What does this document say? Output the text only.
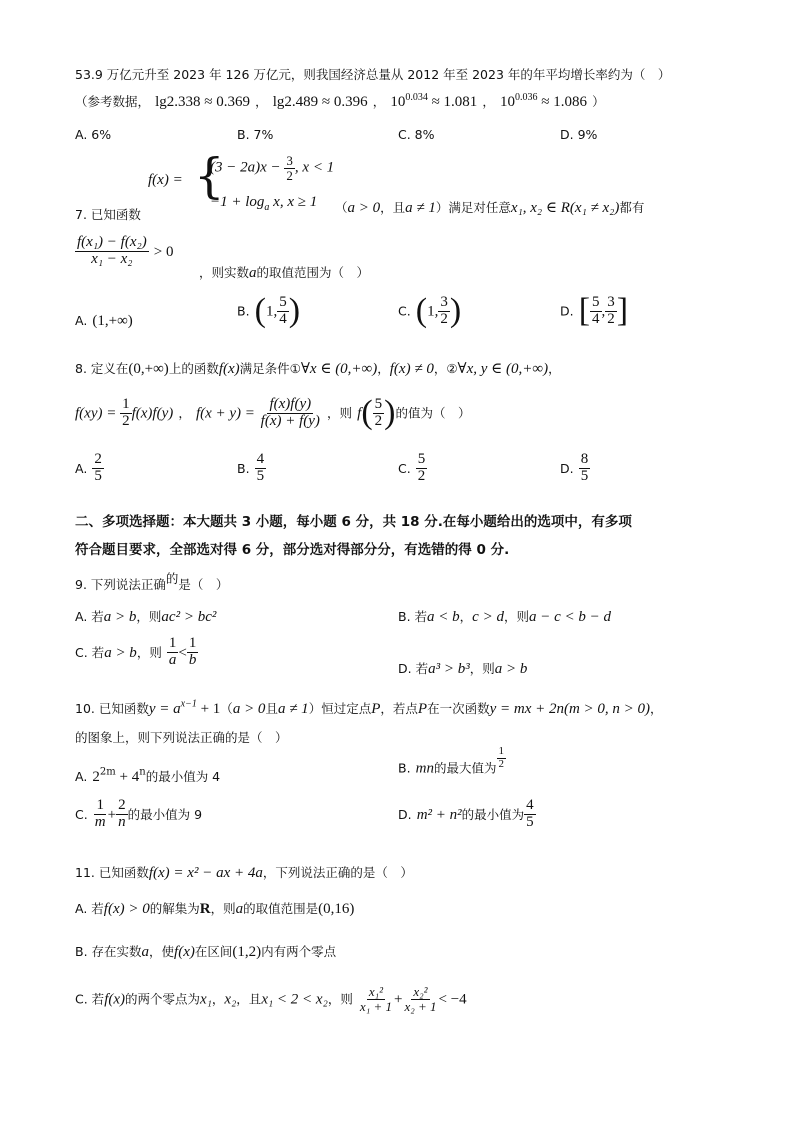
53.9 万亿元升至 2023 年 126 万亿元，则我国经济总量从 2012 年至 2023 年的年平均增长率约为（　）
（参考数据， lg2.338 ≈ 0.369 ， lg2.489 ≈ 0.396 ， $10^{0.034} \approx 1.081$ ， $10^{0.036} \approx 1.086$ ）
A. 6%	B. 7%	C. 8%	D. 9%
f(x) = {
$(3 - 2a)x - \frac{3}{2}$ , x < 1
$-1 + \log_a x$, x ≥ 1
7. 已知函数	（a > 0，且a ≠ 1）满足对任意x₁, x₂ ∈ R(x₁ ≠ x₂)都有
$\frac{\text{f(x₁) − f(x₂)}}{\text{x₁ − x₂}} > 0$
，则实数a的取值范围为（　）
A. (1,+∞)
B. (1, $\frac{5}{4}$ )	C. (1, $\frac{3}{2}$ )	D. [ $\frac{5}{4}$ , $\frac{3}{2}$ ]
8. 定义在(0,+∞)上的函数f(x)满足条件①∀x ∈ (0,+∞)，f(x) ≠ 0，②∀x, y ∈ (0,+∞)，
$f(xy) = \frac{1}{2} f(x)f(y)$ ， $f(x + y) = \frac{f(x)f(y)}{f(x) + f(y)}$ ，则 $f( \frac{5}{2}$ )的值为（　）
A. $\frac{2}{5}$	B. $\frac{4}{5}$	C. $\frac{5}{2}$	D. $\frac{8}{5}$
二、多项选择题：本大题共 3 小题，每小题 6 分，共 18 分.在每小题给出的选项中，有多项
符合题目要求，全部选对得 6 分，部分选对得部分分，有选错的得 0 分.
9. 下列说法正确的是（　）
A. 若a > b，则ac² > bc²	B. 若a < b，c > d，则a − c < b − d
C. 若a > b，则 $\frac{1}{a} < \frac{1}{b}$	D. 若a³ > b³，则a > b
10. 已知函数$y = a^{x-1} + 1(a > 0$且a ≠ 1）恒过定点P，若点P在一次函数y = mx + 2n(m > 0, n > 0)，
的图象上，则下列说法正确的是（　）
A. $2^{2m} + 4^n$的最小值为 4
B. mn的最大值为 $\frac{1}{2}$
C. $\frac{1}{m} + \frac{2}{n}$ 的最小值为 9	D. m² + n²的最小值为 $\frac{4}{5}$
11. 已知函数f(x) = x² − ax + 4a，下列说法正确的是（　）
A. 若f(x) > 0的解集为R，则a的取值范围是(0,16)
B. 存在实数a，使f(x)在区间(1,2)内有两个零点
C. 若f(x)的两个零点为x₁，x₂，且x₁ < 2 < x₂，则 $\frac{\text{x₁²}}{\text{x₁ + 1}} + \frac{\text{x₂²}}{\text{x₂ + 1}} < -4$
